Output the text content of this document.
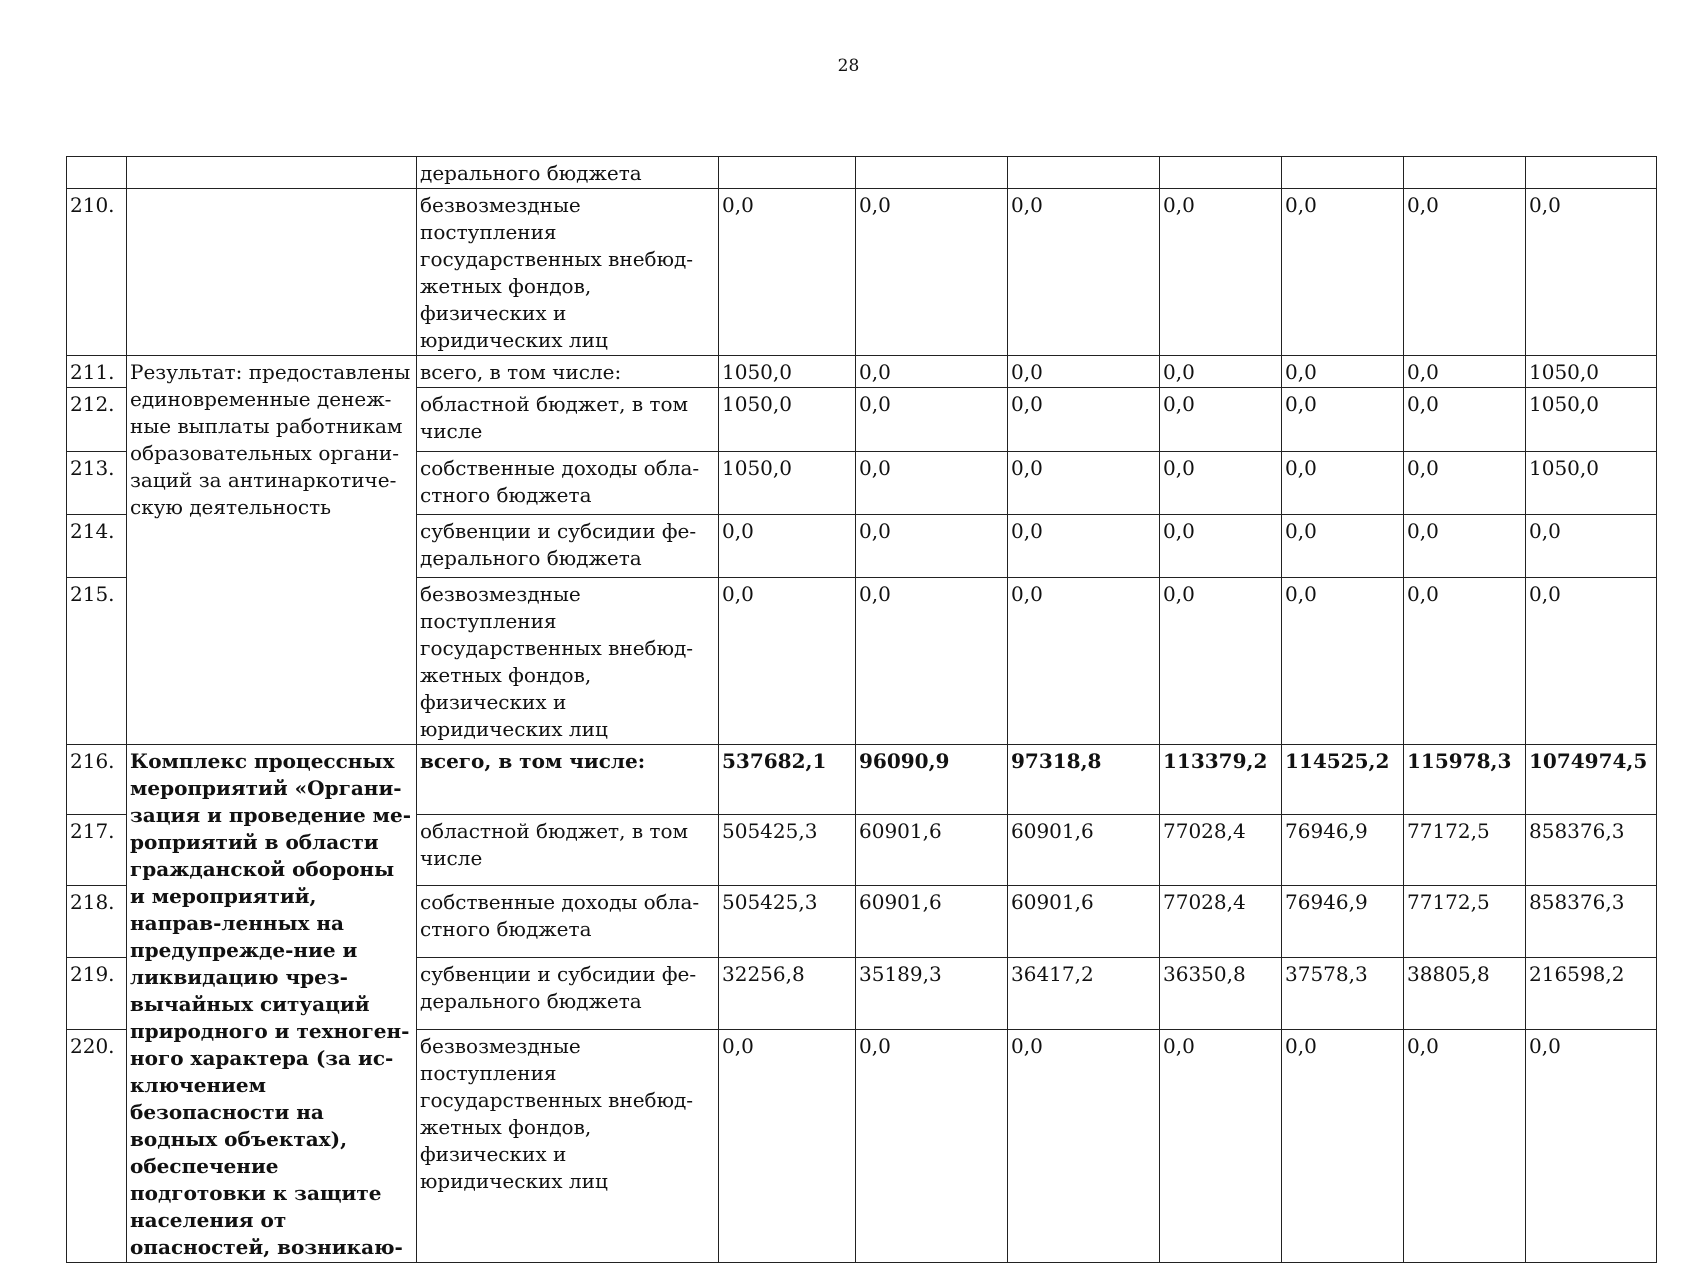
28
		дерального бюджета							
210.		безвозмездные поступления государственных внебюд-жетных фондов, физических и юридических лиц	0,0	0,0	0,0	0,0	0,0	0,0	0,0
211.	Результат: предоставлены единовременные денеж-ные выплаты работникам образовательных органи-заций за антинаркотиче-скую деятельность	всего, в том числе:	1050,0	0,0	0,0	0,0	0,0	0,0	1050,0
212.		областной бюджет, в том числе	1050,0	0,0	0,0	0,0	0,0	0,0	1050,0
213.		собственные доходы обла-стного бюджета	1050,0	0,0	0,0	0,0	0,0	0,0	1050,0
214.		субвенции и субсидии фе-дерального бюджета	0,0	0,0	0,0	0,0	0,0	0,0	0,0
215.		безвозмездные поступления государственных внебюд-жетных фондов, физических и юридических лиц	0,0	0,0	0,0	0,0	0,0	0,0	0,0
216.	Комплекс процессных мероприятий «Органи-зация и проведение ме-роприятий в области гражданской обороны и мероприятий, направ-ленных на предупрежде-ние и ликвидацию чрез-вычайных ситуаций природного и техноген-ного характера (за ис-ключением безопасности на водных объектах), обеспечение подготовки к защите населения от опасностей, возникаю-	всего, в том числе:	537682,1	96090,9	97318,8	113379,2	114525,2	115978,3	1074974,5
217.		областной бюджет, в том числе	505425,3	60901,6	60901,6	77028,4	76946,9	77172,5	858376,3
218.		собственные доходы обла-стного бюджета	505425,3	60901,6	60901,6	77028,4	76946,9	77172,5	858376,3
219.		субвенции и субсидии фе-дерального бюджета	32256,8	35189,3	36417,2	36350,8	37578,3	38805,8	216598,2
220.		безвозмездные поступления государственных внебюд-жетных фондов, физических и юридических лиц	0,0	0,0	0,0	0,0	0,0	0,0	0,0
